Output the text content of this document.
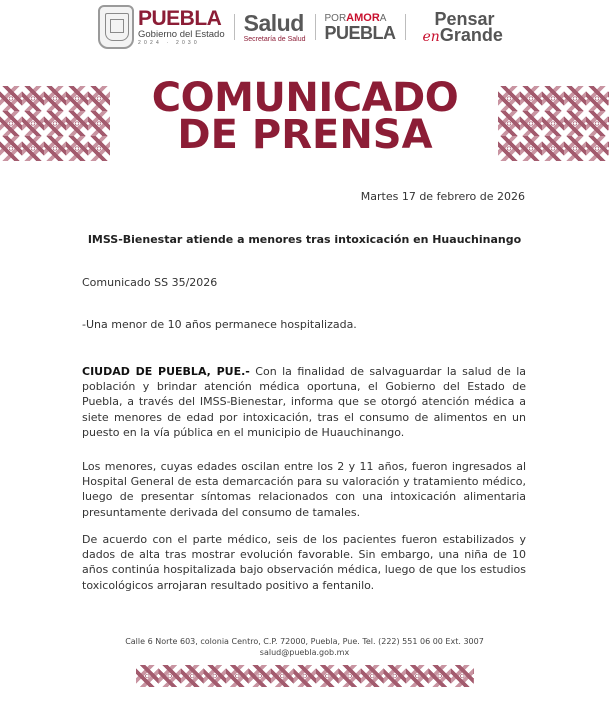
PUEBLA
Gobierno del Estado
2024 · 2030
Salud
Secretaría de Salud
PORAMORA
PUEBLA
Pensar
enGrande
COMUNICADO
DE PRENSA
Martes 17 de febrero de 2026
IMSS-Bienestar atiende a menores tras intoxicación en Huauchinango
Comunicado SS 35/2026
-Una menor de 10 años permanece hospitalizada.
CIUDAD DE PUEBLA, PUE.- Con la finalidad de salvaguardar la salud de la población y brindar atención médica oportuna, el Gobierno del Estado de Puebla, a través del IMSS-Bienestar, informa que se otorgó atención médica a siete menores de edad por intoxicación, tras el consumo de alimentos en un puesto en la vía pública en el municipio de Huauchinango.
Los menores, cuyas edades oscilan entre los 2 y 11 años, fueron ingresados al Hospital General de esta demarcación para su valoración y tratamiento médico, luego de presentar síntomas relacionados con una intoxicación alimentaria presuntamente derivada del consumo de tamales.
De acuerdo con el parte médico, seis de los pacientes fueron estabilizados y dados de alta tras mostrar evolución favorable. Sin embargo, una niña de 10 años continúa hospitalizada bajo observación médica, luego de que los estudios toxicológicos arrojaran resultado positivo a fentanilo.
Calle 6 Norte 603, colonia Centro, C.P. 72000, Puebla, Pue. Tel. (222) 551 06 00 Ext. 3007
salud@puebla.gob.mx
